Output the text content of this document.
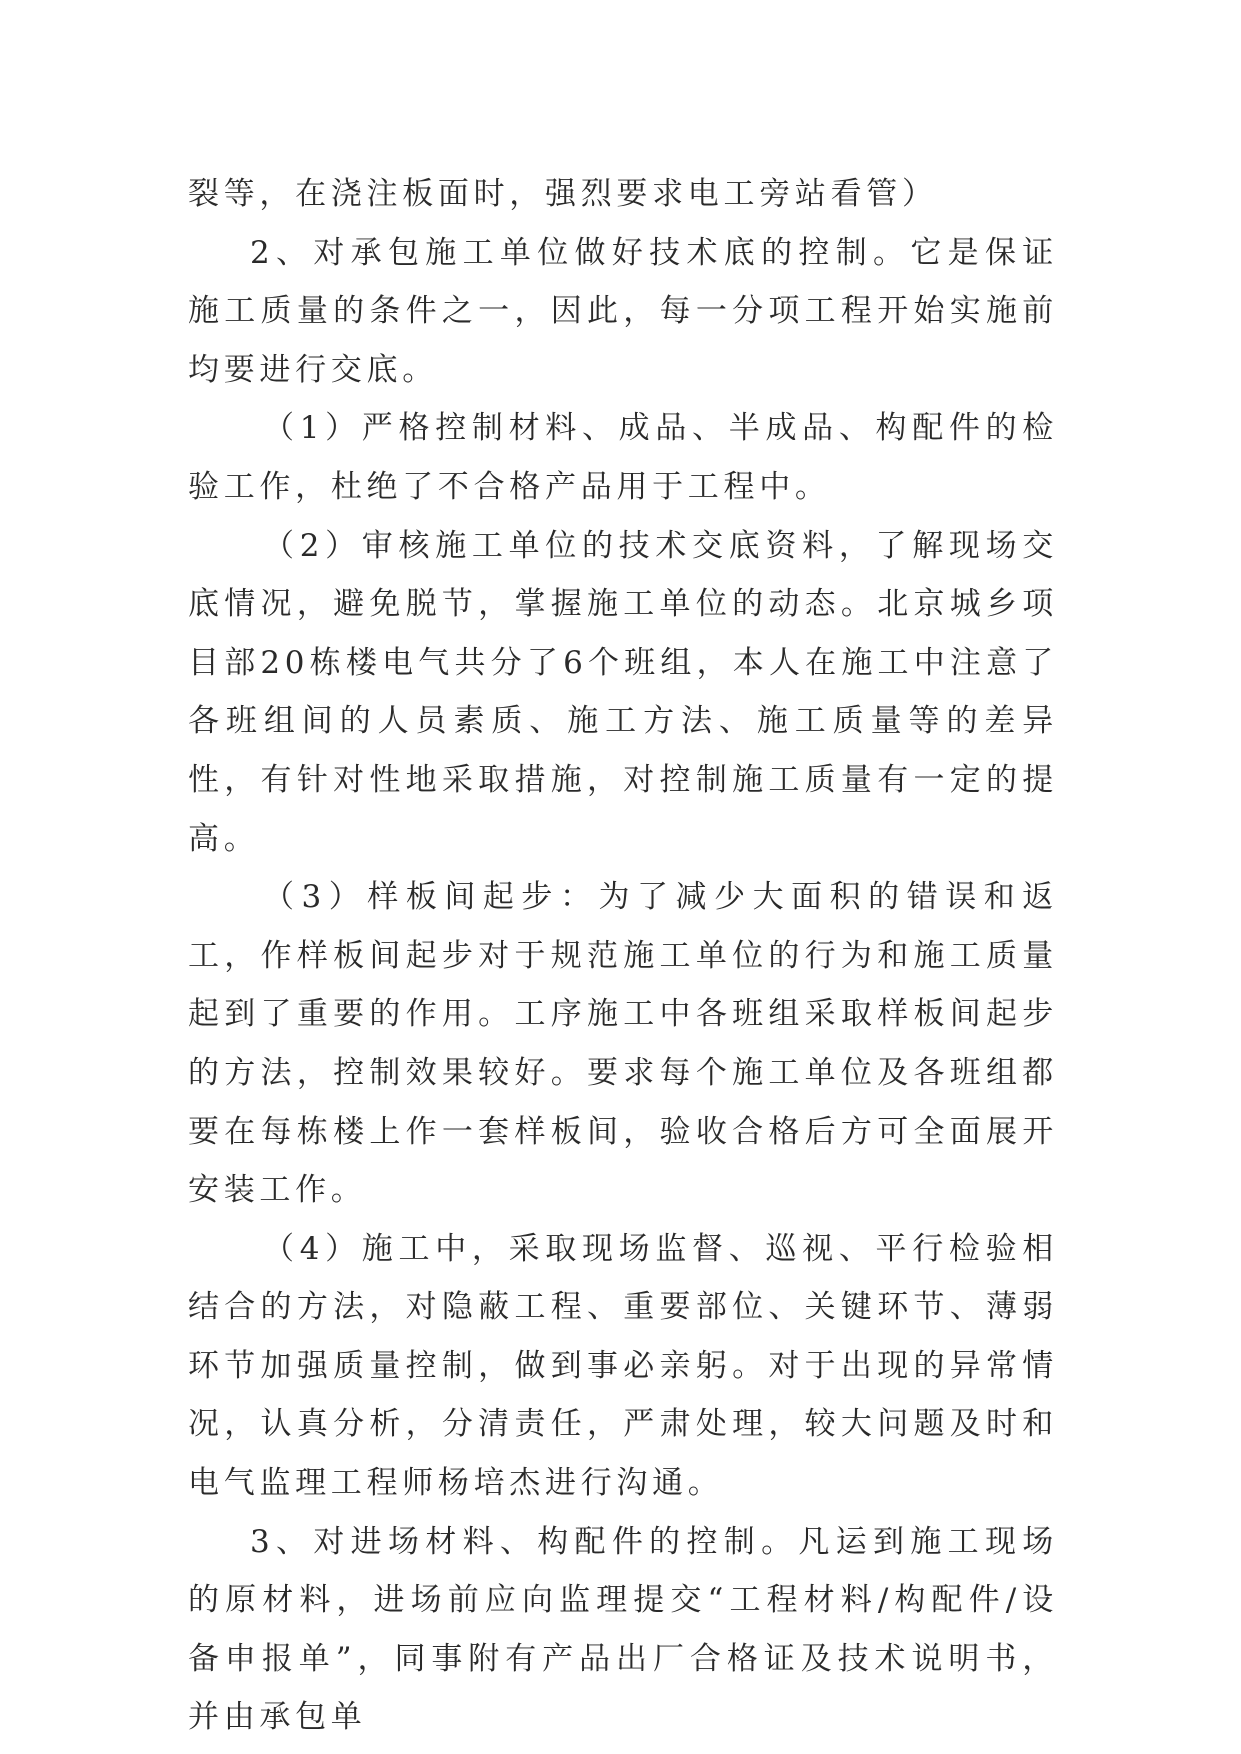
裂等，在浇注板面时，强烈要求电工旁站看管）

2、对承包施工单位做好技术底的控制。它是保证施工质量的条件之一，因此，每一分项工程开始实施前均要进行交底。

（1）严格控制材料、成品、半成品、构配件的检验工作，杜绝了不合格产品用于工程中。

（2）审核施工单位的技术交底资料，了解现场交底情况，避免脱节，掌握施工单位的动态。北京城乡项目部20栋楼电气共分了6个班组，本人在施工中注意了各班组间的人员素质、施工方法、施工质量等的差异性，有针对性地采取措施，对控制施工质量有一定的提高。

（3）样板间起步：为了减少大面积的错误和返工，作样板间起步对于规范施工单位的行为和施工质量起到了重要的作用。工序施工中各班组采取样板间起步的方法，控制效果较好。要求每个施工单位及各班组都要在每栋楼上作一套样板间，验收合格后方可全面展开安装工作。

（4）施工中，采取现场监督、巡视、平行检验相结合的方法，对隐蔽工程、重要部位、关键环节、薄弱环节加强质量控制，做到事必亲躬。对于出现的异常情况，认真分析，分清责任，严肃处理，较大问题及时和电气监理工程师杨培杰进行沟通。

3、对进场材料、构配件的控制。凡运到施工现场的原材料，进场前应向监理提交“工程材料/构配件/设备申报单”，同事附有产品出厂合格证及技术说明书，并由承包单
